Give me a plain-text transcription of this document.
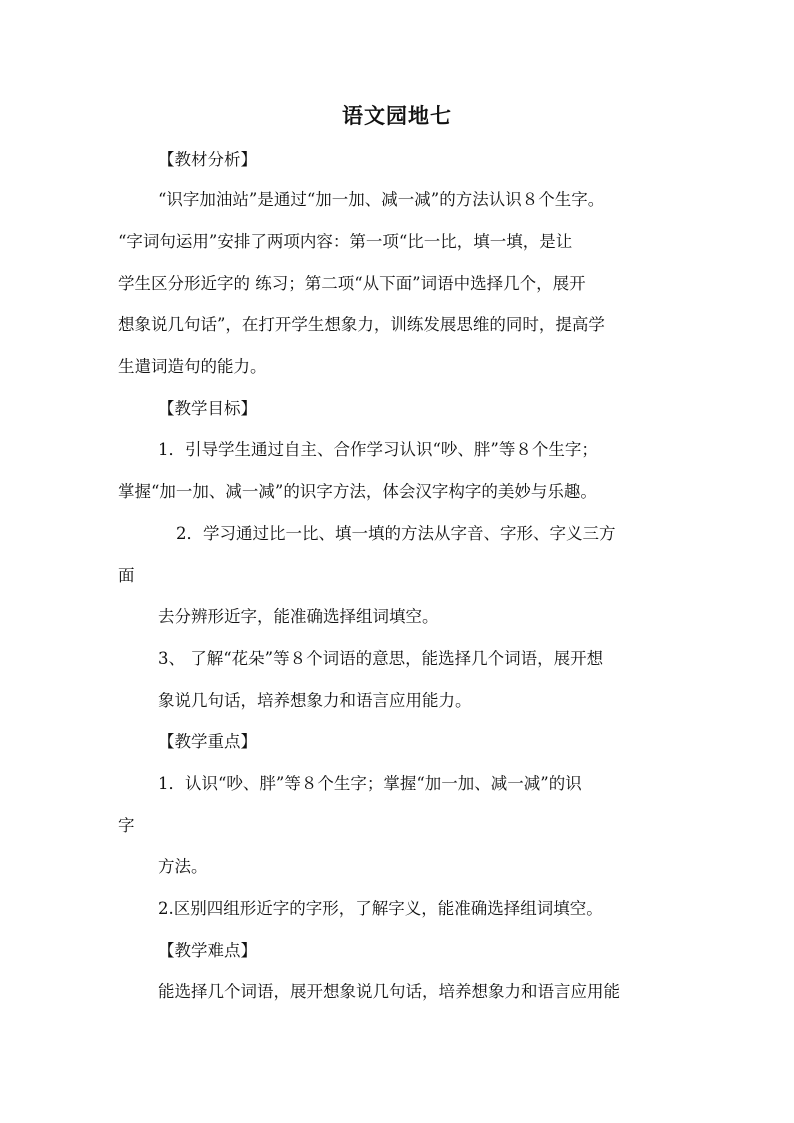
语文园地七
【教材分析】
“识字加油站”是通过“加一加、减一减”的方法认识８个生字。
“字词句运用”安排了两项内容：第一项“比一比，填一填，是让
学生区分形近字的 练习；第二项“从下面”词语中选择几个，展开
想象说几句话”，在打开学生想象力，训练发展思维的同时，提高学
生遣词造句的能力。
【教学目标】
1．引导学生通过自主、合作学习认识“吵、胖”等８个生字；
掌握“加一加、减一减”的识字方法，体会汉字构字的美妙与乐趣。
2．学习通过比一比、填一填的方法从字音、字形、字义三方
面
去分辨形近字，能准确选择组词填空。
3、 了解“花朵”等８个词语的意思，能选择几个词语，展开想
象说几句话，培养想象力和语言应用能力。
【教学重点】
1．认识“吵、胖”等８个生字；掌握“加一加、减一减”的识
字
方法。
2.区别四组形近字的字形，了解字义，能准确选择组词填空。
【教学难点】
能选择几个词语，展开想象说几句话，培养想象力和语言应用能
